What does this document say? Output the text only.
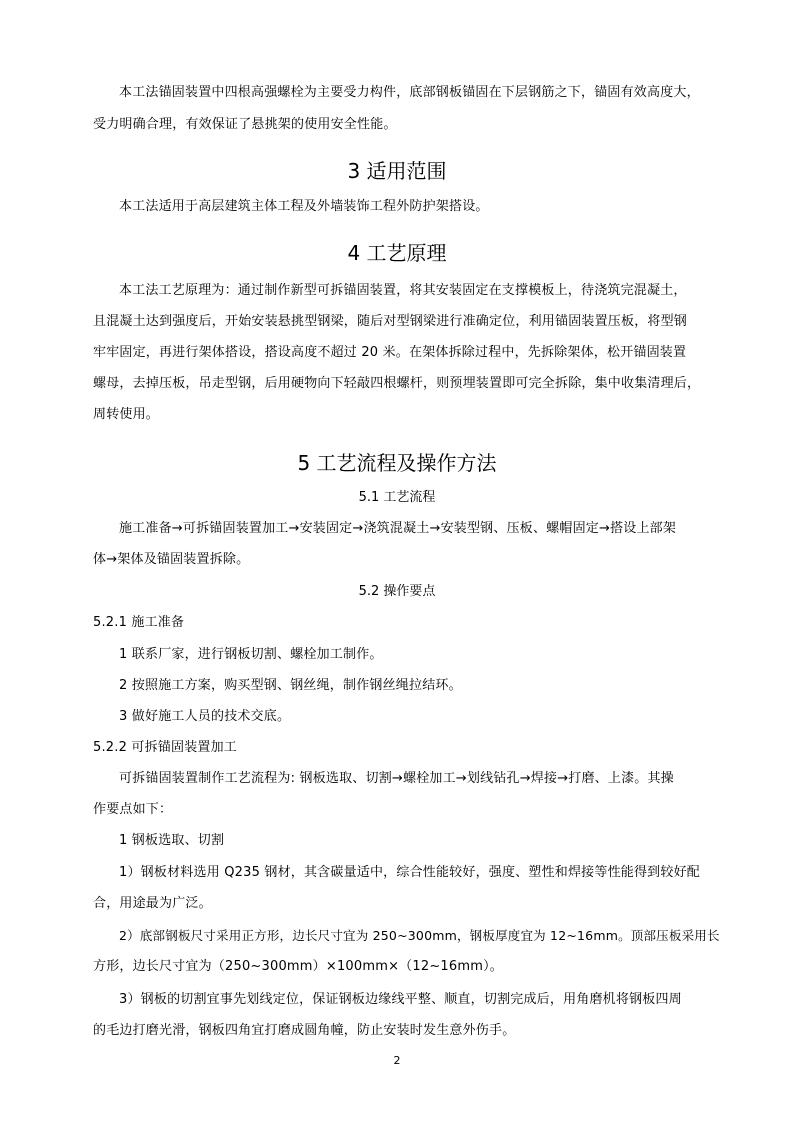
本工法锚固装置中四根高强螺栓为主要受力构件，底部钢板锚固在下层钢筋之下，锚固有效高度大，
受力明确合理，有效保证了悬挑架的使用安全性能。
3 适用范围
本工法适用于高层建筑主体工程及外墙装饰工程外防护架搭设。
4 工艺原理
本工法工艺原理为：通过制作新型可拆锚固装置，将其安装固定在支撑模板上，待浇筑完混凝土，
且混凝土达到强度后，开始安装悬挑型钢梁，随后对型钢梁进行准确定位，利用锚固装置压板，将型钢
牢牢固定，再进行架体搭设，搭设高度不超过 20 米。在架体拆除过程中，先拆除架体，松开锚固装置
螺母，去掉压板，吊走型钢，后用硬物向下轻敲四根螺杆，则预埋装置即可完全拆除，集中收集清理后，
周转使用。
5 工艺流程及操作方法
5.1 工艺流程
施工准备→可拆锚固装置加工→安装固定→浇筑混凝土→安装型钢、压板、螺帽固定→搭设上部架
体→架体及锚固装置拆除。
5.2 操作要点
5.2.1 施工准备
1 联系厂家，进行钢板切割、螺栓加工制作。
2 按照施工方案，购买型钢、钢丝绳，制作钢丝绳拉结环。
3 做好施工人员的技术交底。
5.2.2 可拆锚固装置加工
可拆锚固装置制作工艺流程为: 钢板选取、切割→螺栓加工→划线钻孔→焊接→打磨、上漆。其操
作要点如下：
1 钢板选取、切割
1）钢板材料选用 Q235 钢材，其含碳量适中，综合性能较好，强度、塑性和焊接等性能得到较好配
合，用途最为广泛。
2）底部钢板尺寸采用正方形，边长尺寸宜为 250~300mm，钢板厚度宜为 12~16mm。顶部压板采用长
方形，边长尺寸宜为（250~300mm）×100mm×（12~16mm）。
3）钢板的切割宜事先划线定位，保证钢板边缘线平整、顺直，切割完成后，用角磨机将钢板四周
的毛边打磨光滑，钢板四角宜打磨成圆角幢，防止安装时发生意外伤手。
2
